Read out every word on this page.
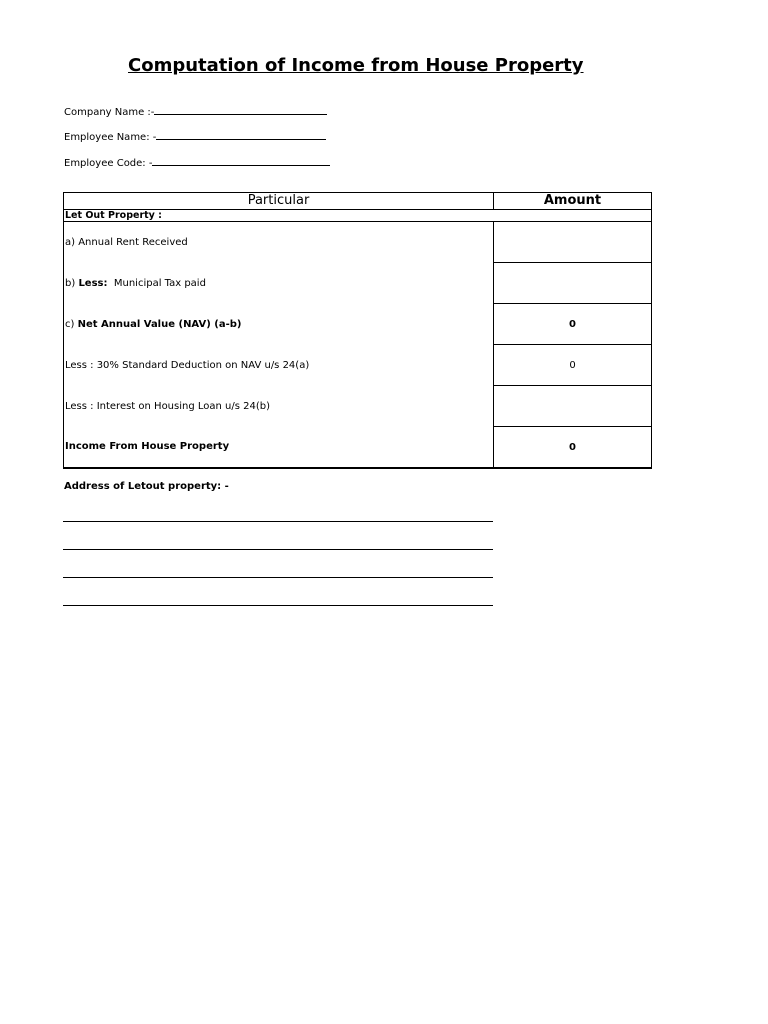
Computation of Income from House Property
Company Name :-
Employee Name: -
Employee Code: -
Particular	Amount
Let Out Property :	
a) Annual Rent Received	
b) Less:  Municipal Tax paid	
c) Net Annual Value (NAV) (a-b)	0
Less : 30% Standard Deduction on NAV u/s 24(a)	0
Less : Interest on Housing Loan u/s 24(b)	
Income From House Property	0
Address of Letout property: -
